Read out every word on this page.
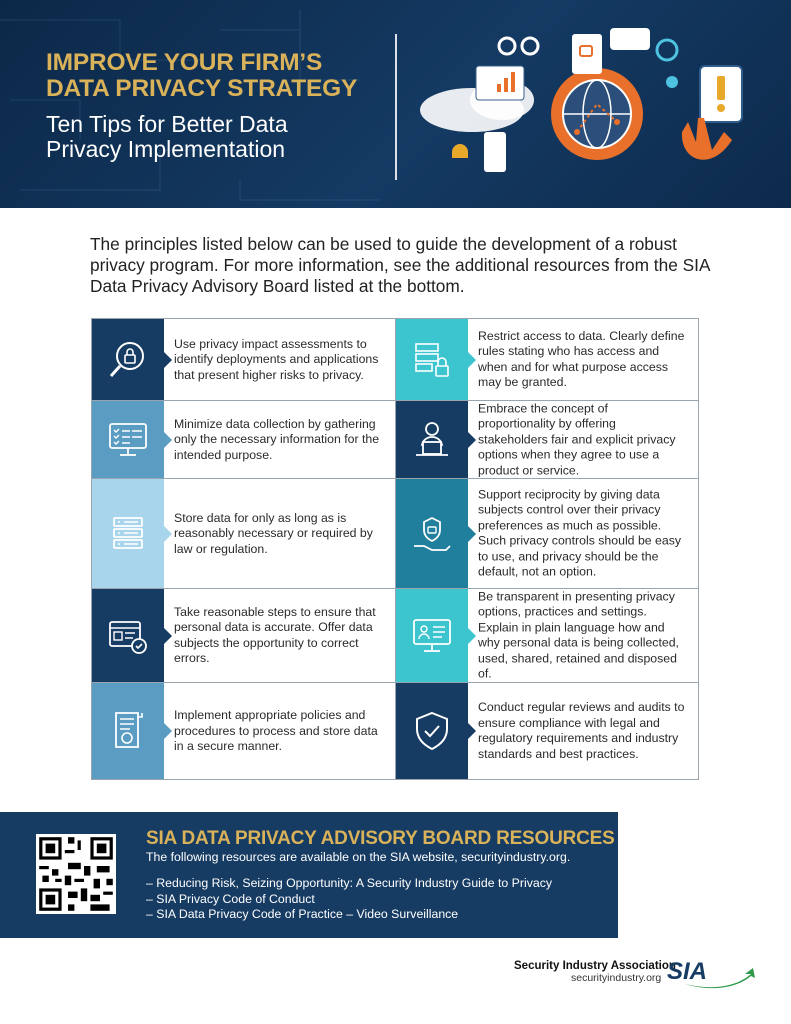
IMPROVE YOUR FIRM’S
DATA PRIVACY STRATEGY

Ten Tips for Better Data
Privacy Implementation

The principles listed below can be used to guide the development of a robust privacy program. For more information, see the additional resources from the SIA Data Privacy Advisory Board listed at the bottom.

Use privacy impact assessments to identify deployments and applications that present higher risks to privacy.

Restrict access to data. Clearly define rules stating who has access and when and for what purpose access may be granted.

Minimize data collection by gathering only the necessary information for the intended purpose.

Embrace the concept of proportionality by offering stakeholders fair and explicit privacy options when they agree to use a product or service.

Store data for only as long as is reasonably necessary or required by law or regulation.

Support reciprocity by giving data subjects control over their privacy preferences as much as possible. Such privacy controls should be easy to use, and privacy should be the default, not an option.

Take reasonable steps to ensure that personal data is accurate. Offer data subjects the opportunity to correct errors.

Be transparent in presenting privacy options, practices and settings. Explain in plain language how and why personal data is being collected, used, shared, retained and disposed of.

Implement appropriate policies and procedures to process and store data in a secure manner.

Conduct regular reviews and audits to ensure compliance with legal and regulatory requirements and industry standards and best practices.

SIA DATA PRIVACY ADVISORY BOARD RESOURCES

The following resources are available on the SIA website, securityindustry.org.

– Reducing Risk, Seizing Opportunity: A Security Industry Guide to Privacy
– SIA Privacy Code of Conduct
– SIA Data Privacy Code of Practice – Video Surveillance

Security Industry Association

securityindustry.org SIA
